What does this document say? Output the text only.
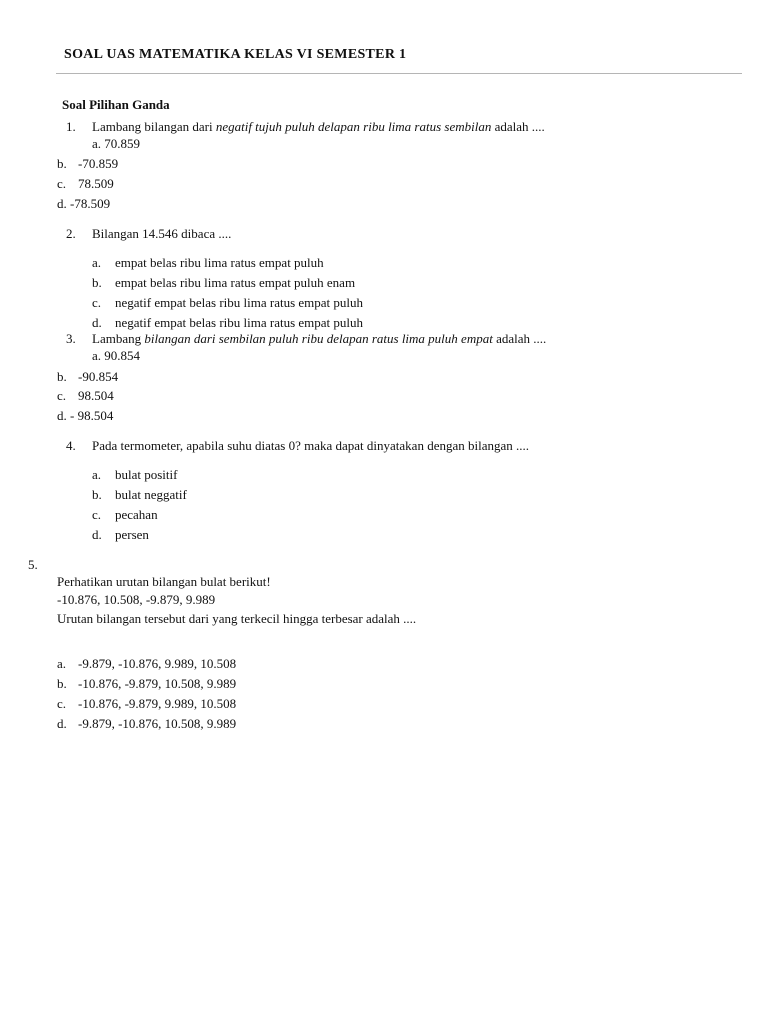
SOAL UAS MATEMATIKA KELAS VI SEMESTER 1
Soal Pilihan Ganda
1. Lambang bilangan dari negatif tujuh puluh delapan ribu lima ratus sembilan adalah ....
a. 70.859
b. -70.859
c. 78.509
d. -78.509
2. Bilangan 14.546 dibaca ....
a. empat belas ribu lima ratus empat puluh
b. empat belas ribu lima ratus empat puluh enam
c. negatif empat belas ribu lima ratus empat puluh
d. negatif empat belas ribu lima ratus empat puluh
3. Lambang bilangan dari sembilan puluh ribu delapan ratus lima puluh empat adalah ....
a. 90.854
b. -90.854
c. 98.504
d. - 98.504
4. Pada termometer, apabila suhu diatas 0? maka dapat dinyatakan dengan bilangan ....
a. bulat positif
b. bulat neggatif
c. pecahan
d. persen
5.
Perhatikan urutan bilangan bulat berikut!
-10.876, 10.508, -9.879, 9.989
Urutan bilangan tersebut dari yang terkecil hingga terbesar adalah ....
a. -9.879, -10.876, 9.989, 10.508
b. -10.876, -9.879, 10.508, 9.989
c. -10.876, -9.879, 9.989, 10.508
d. -9.879, -10.876, 10.508, 9.989
